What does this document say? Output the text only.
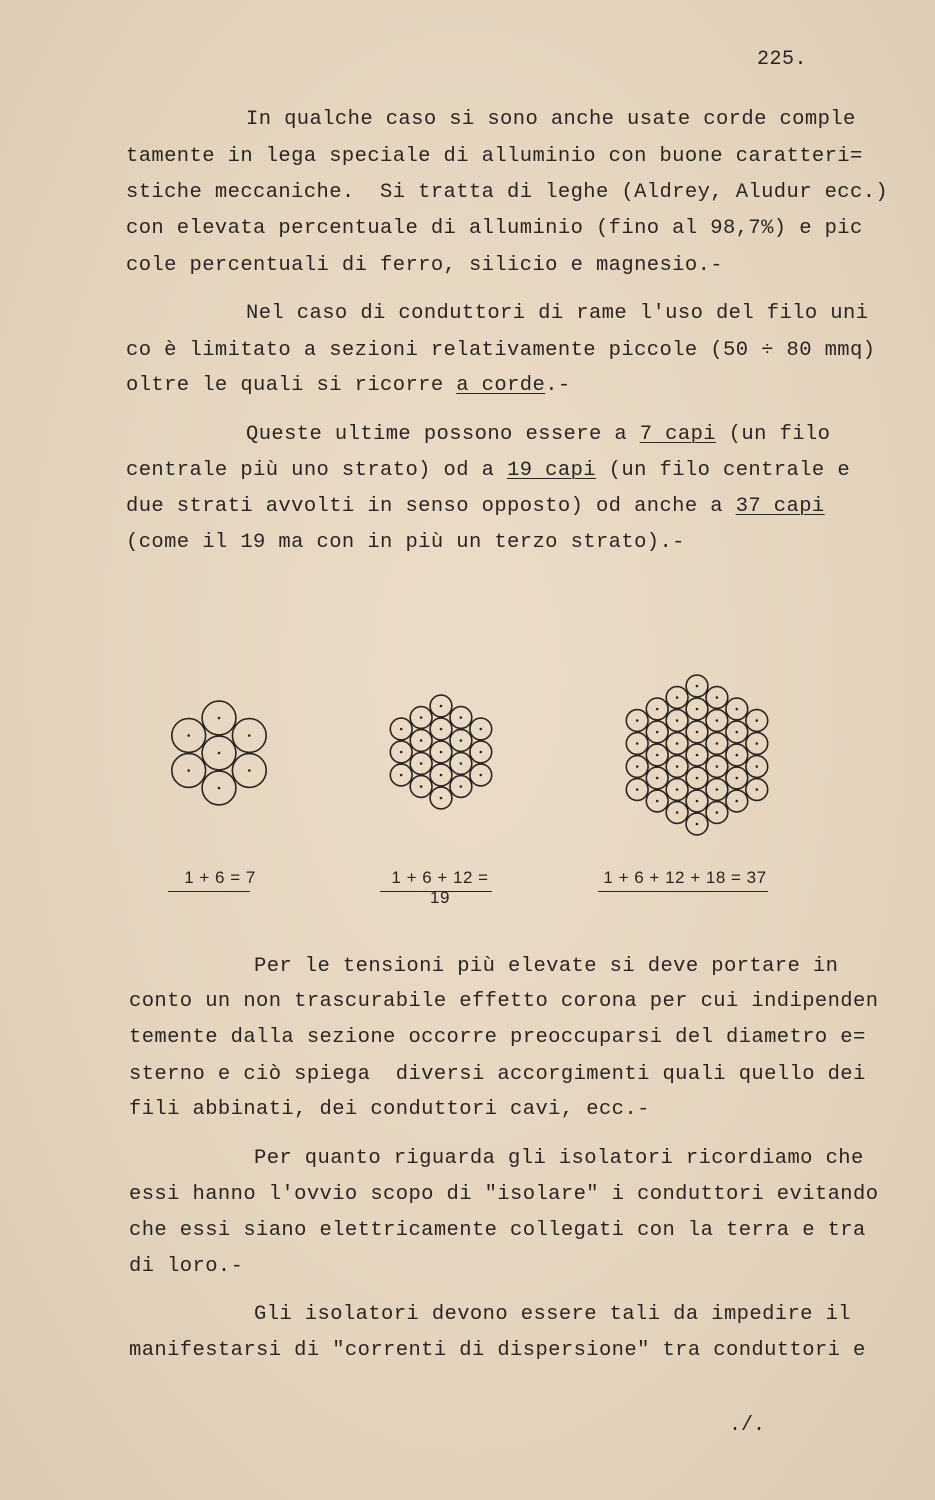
225.
In qualche caso si sono anche usate corde comple
tamente in lega speciale di alluminio con buone caratteri=
stiche meccaniche.  Si tratta di leghe (Aldrey, Aludur ecc.)
con elevata percentuale di alluminio (fino al 98,7%) e pic
cole percentuali di ferro, silicio e magnesio.-
Nel caso di conduttori di rame l'uso del filo uni
co è limitato a sezioni relativamente piccole (50 ÷ 80 mmq)
oltre le quali si ricorre a corde.-
Queste ultime possono essere a 7 capi (un filo
centrale più uno strato) od a 19 capi (un filo centrale e
due strati avvolti in senso opposto) od anche a 37 capi
(come il 19 ma con in più un terzo strato).-
1 + 6 = 7	1 + 6 + 12 = 19
1 + 6 + 12 + 18 = 37
Per le tensioni più elevate si deve portare in
conto un non trascurabile effetto corona per cui indipenden
temente dalla sezione occorre preoccuparsi del diametro e=
sterno e ciò spiega  diversi accorgimenti quali quello dei
fili abbinati, dei conduttori cavi, ecc.-
Per quanto riguarda gli isolatori ricordiamo che
essi hanno l'ovvio scopo di "isolare" i conduttori evitando
che essi siano elettricamente collegati con la terra e tra
di loro.-
Gli isolatori devono essere tali da impedire il
manifestarsi di "correnti di dispersione" tra conduttori e
./.
